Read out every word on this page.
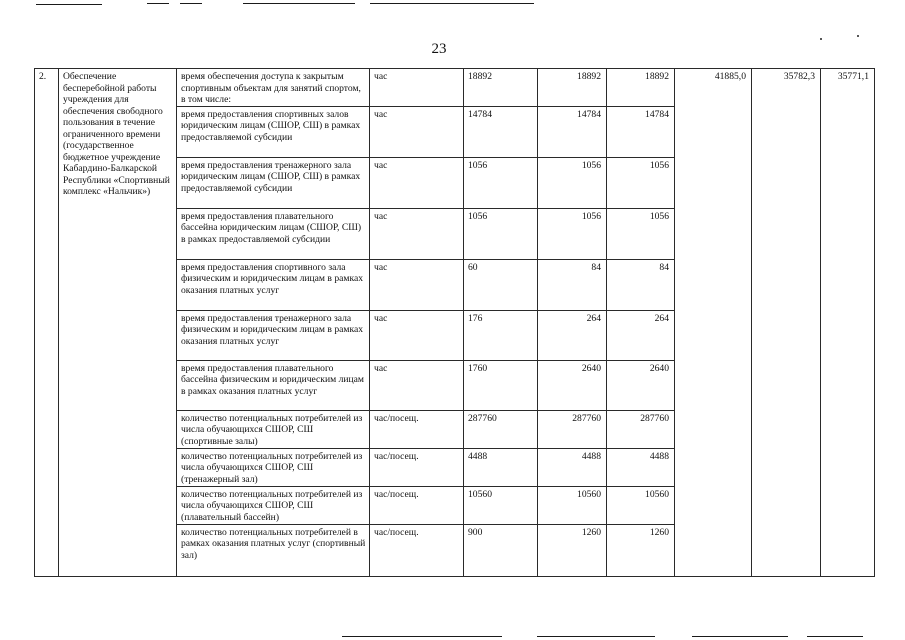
23
2.	Обеспечение бесперебойной работы учреждения для обеспечения свободного пользования в течение ограниченного времени (государственное бюджетное учреждение Кабардино-Балкарской Республики «Спортивный комплекс «Нальчик»)	время обеспечения доступа к закрытым спортивным объектам для занятий спортом, в том числе:	час	18892	18892	18892	41885,0	35782,3	35771,1
		время предоставления спортивных залов юридическим лицам (СШОР, СШ) в рамках предоставляемой субсидии	час	14784	14784	14784			
		время предоставления тренажерного зала юридическим лицам (СШОР, СШ) в рамках предоставляемой субсидии	час	1056	1056	1056			
		время предоставления плавательного бассейна юридическим лицам (СШОР, СШ) в рамках предоставляемой субсидии	час	1056	1056	1056			
		время предоставления спортивного зала физическим и юридическим лицам в рамках оказания платных услуг	час	60	84	84			
		время предоставления тренажерного зала физическим и юридическим лицам в рамках оказания платных услуг	час	176	264	264			
		время предоставления плавательного бассейна физическим и юридическим лицам в рамках оказания платных услуг	час	1760	2640	2640			
		количество потенциальных потребителей из числа обучающихся СШОР, СШ (спортивные залы)	час/посещ.	287760	287760	287760			
		количество потенциальных потребителей из числа обучающихся СШОР, СШ (тренажерный зал)	час/посещ.	4488	4488	4488			
		количество потенциальных потребителей из числа обучающихся СШОР, СШ (плавательный бассейн)	час/посещ.	10560	10560	10560			
		количество потенциальных потребителей в рамках оказания платных услуг (спортивный зал)	час/посещ.	900	1260	1260			
